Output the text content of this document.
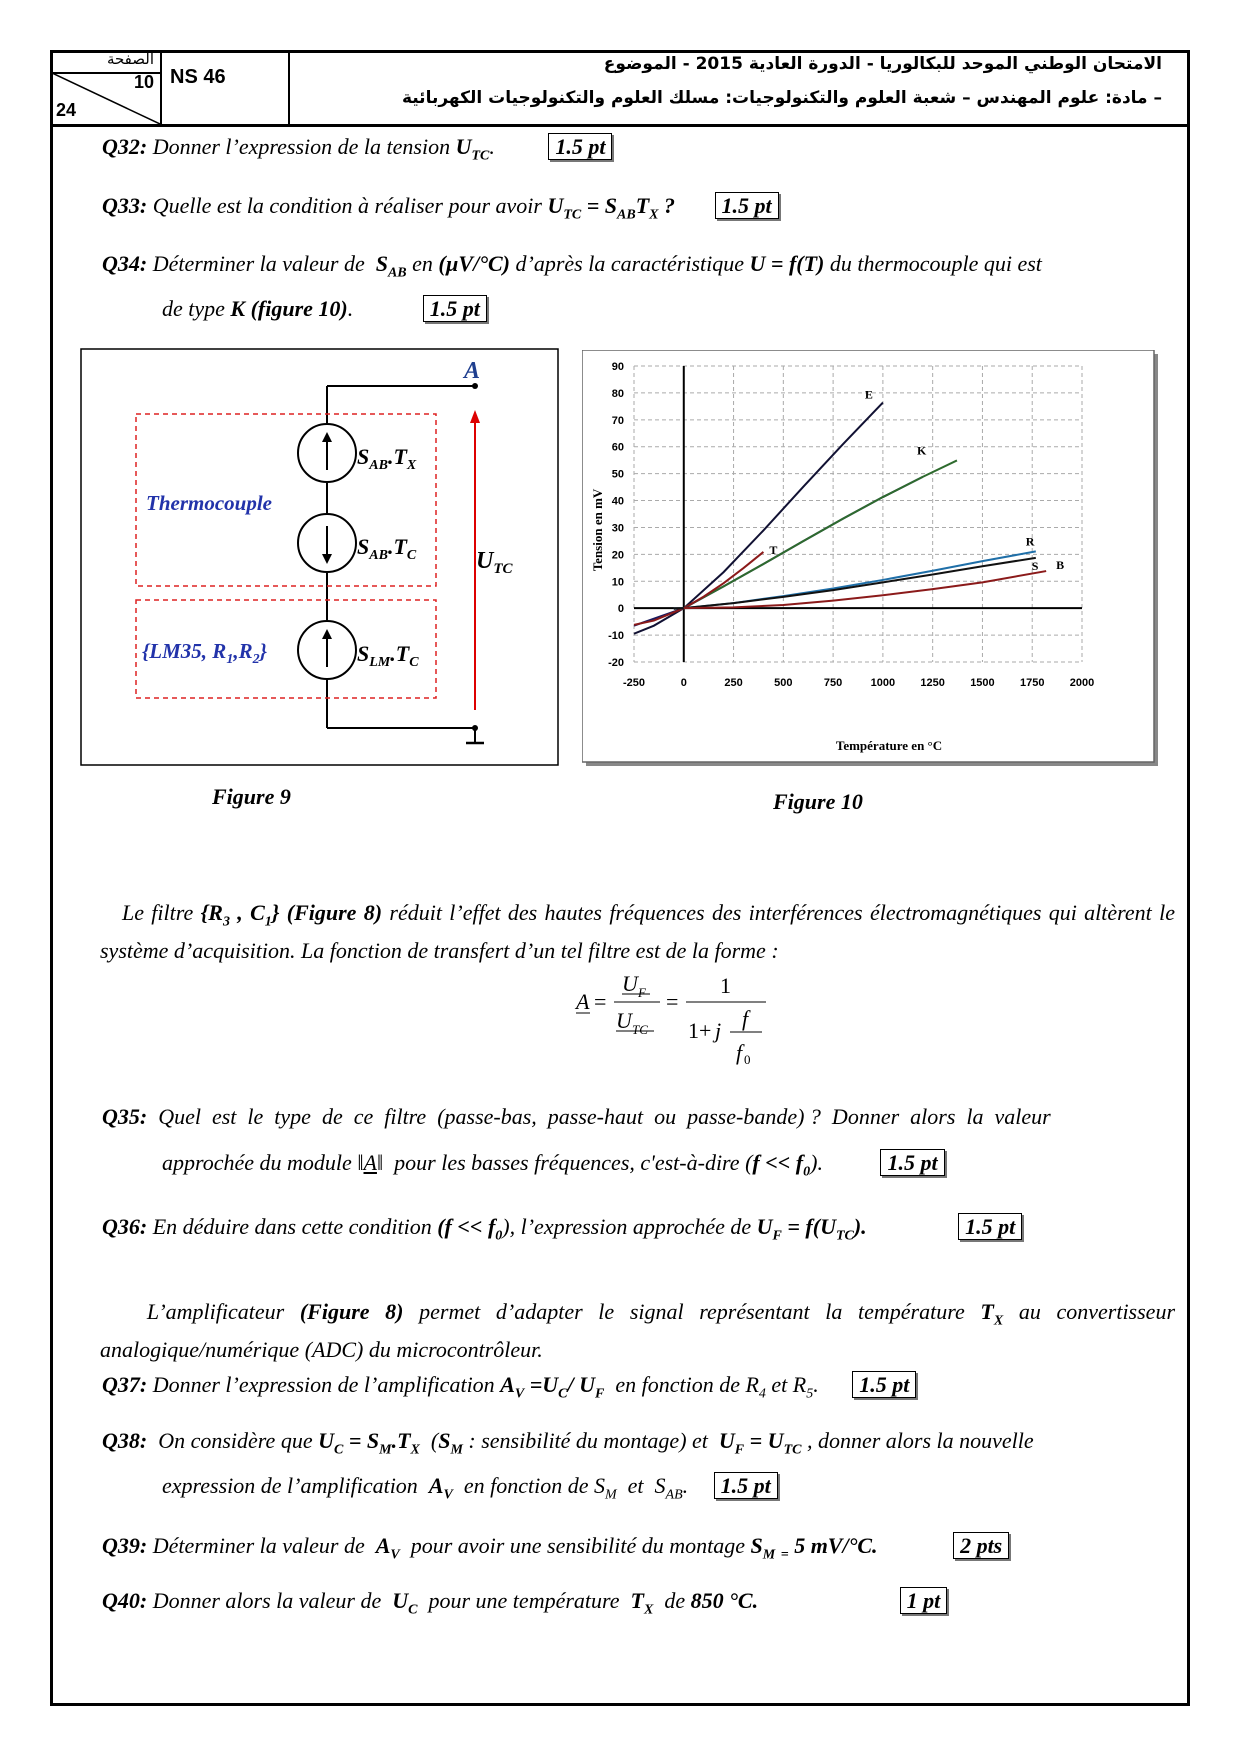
الصفحة
10
24
NS 46
الامتحان الوطني الموحد للبكالوريا - الدورة العادية 2015 - الموضوع
– مادة: علوم المهندس – شعبة العلوم والتكنولوجيات: مسلك العلوم والتكنولوجيات الكهربائية
Q32: Donner l’expression de la tension $U_{TC}$.	1.5 pt
Q33: Quelle est la condition à réaliser pour avoir $U_{TC} = S_{AB}T_X$ ? 1.5 pt
Q34: Déterminer la valeur de  $S_{AB}$ en (µV/°C) d’après la caractéristique U = f(T) du thermocouple qui est
de type K (figure 10).	1.5 pt
A
Thermocouple
{LM35, $R_1,R_2$}
$S_{AB}.T_X$
$S_{AB}.T_C$
$S_{LM}.T_C$
$U_{TC}$
Figure 9
-250	0	250	500	750	1000 1250 1500 1750 2000
-20
-10
0
10
20
30
40
50
60
70
80
90
E
K
T
R
S B
Température en °C
Tension en mV
Figure 10
Le filtre {$R_3$ , $C_1$} (Figure 8) réduit l’effet des hautes fréquences des interférences électromagnétiques qui altèrent le système d’acquisition. La fonction de transfert d’un tel filtre est de la forme :
A =
U F
U TC
=
1
1+ j f
f 0
Q35:  Quel  est  le  type  de  ce  filtre  (passe-bas,  passe-haut  ou  passe-bande) ?  Donner  alors  la  valeur
approchée du module ‖A‖  pour les basses fréquences, c'est-à-dire $(f << f_0)$.	1.5 pt
Q36: En déduire dans cette condition $(f << f_0)$, l’expression approchée de $U_F = f(U_{TC})$.	1.5 pt
L’amplificateur (Figure 8) permet d’adapter le signal représentant la température $T_X$ au convertisseur analogique/numérique (ADC) du microcontrôleur.
Q37: Donner l’expression de l’amplification $A_V =U_C/$ $U_F$  en fonction de $R_4$ et $R_5$. 1.5 pt
Q38:  On considère que $U_C = S_M.T_X$  ($S_M$ : sensibilité du montage) et  $U_F = U_{TC}$ , donner alors la nouvelle
expression de l’amplification  $A_V$  en fonction de $S_M$  et  $S_{AB}$. 1.5 pt
Q39: Déterminer la valeur de  $A_V$  pour avoir une sensibilité du montage $S_M$ $_=$ 5 mV/°C.	2 pts
Q40: Donner alors la valeur de  $U_C$  pour une température  $T_X$  de 850 °C.	1 pt
